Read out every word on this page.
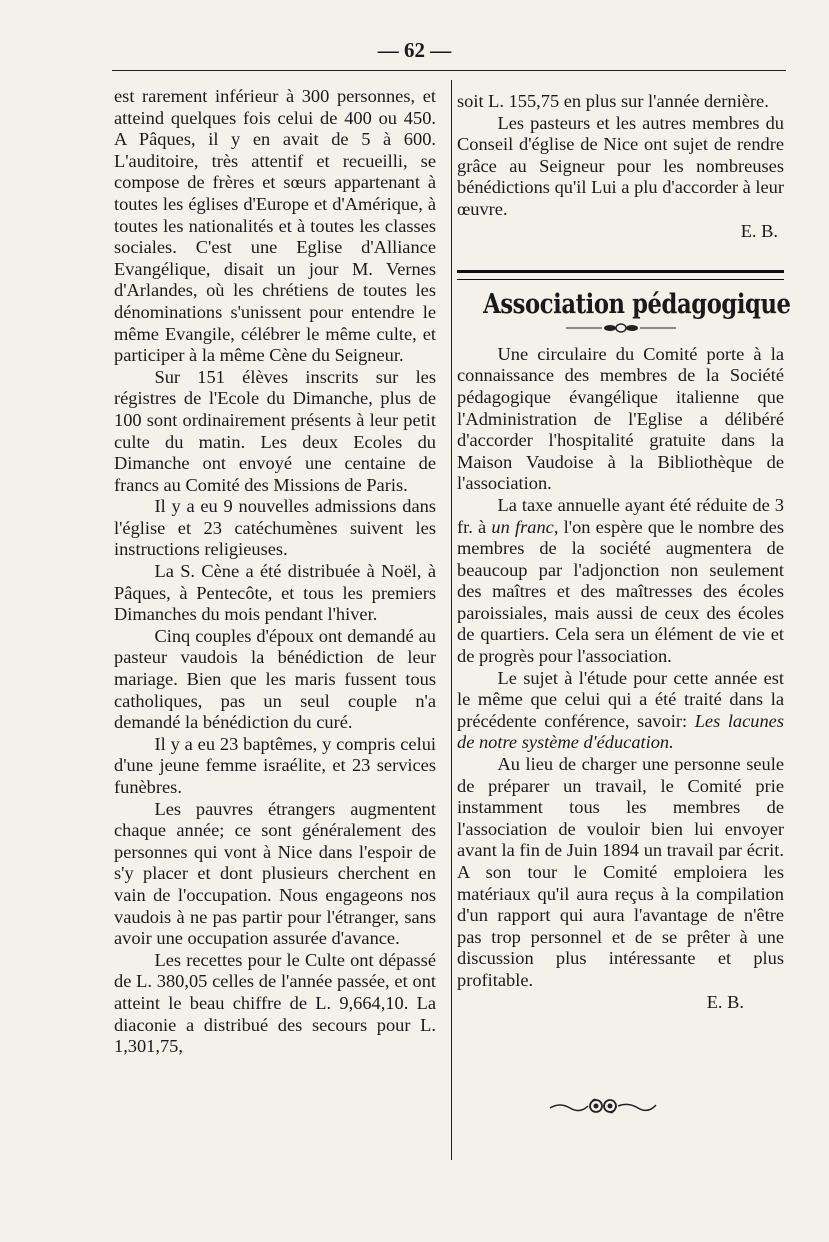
— 62 —

est rarement inférieur à 300 personnes, et atteind quelques fois celui de 400 ou 450. A Pâques, il y en avait de 5 à 600. L'auditoire, très attentif et recueilli, se compose de frères et sœurs appartenant à toutes les églises d'Europe et d'Amérique, à toutes les nationalités et à toutes les classes sociales. C'est une Eglise d'Alliance Evangélique, disait un jour M. Vernes d'Arlandes, où les chrétiens de toutes les dénominations s'unissent pour entendre le même Evangile, célébrer le même culte, et participer à la même Cène du Seigneur.

Sur 151 élèves inscrits sur les régistres de l'Ecole du Dimanche, plus de 100 sont ordinairement présents à leur petit culte du matin. Les deux Ecoles du Dimanche ont envoyé une centaine de francs au Comité des Missions de Paris.

Il y a eu 9 nouvelles admissions dans l'église et 23 catéchumènes suivent les instructions religieuses.

La S. Cène a été distribuée à Noël, à Pâques, à Pentecôte, et tous les premiers Dimanches du mois pendant l'hiver.

Cinq couples d'époux ont demandé au pasteur vaudois la bénédiction de leur mariage. Bien que les maris fussent tous catholiques, pas un seul couple n'a demandé la bénédiction du curé.

Il y a eu 23 baptêmes, y compris celui d'une jeune femme israélite, et 23 services funèbres.

Les pauvres étrangers augmentent chaque année; ce sont généralement des personnes qui vont à Nice dans l'espoir de s'y placer et dont plusieurs cherchent en vain de l'occupation. Nous engageons nos vaudois à ne pas partir pour l'étranger, sans avoir une occupation assurée d'avance.

Les recettes pour le Culte ont dépassé de L. 380,05 celles de l'année passée, et ont atteint le beau chiffre de L. 9,664,10. La diaconie a distribué des secours pour L. 1,301,75,

soit L. 155,75 en plus sur l'année dernière.

Les pasteurs et les autres membres du Conseil d'église de Nice ont sujet de rendre grâce au Seigneur pour les nombreuses bénédictions qu'il Lui a plu d'accorder à leur œuvre.

E. B.

Association pédagogique

Une circulaire du Comité porte à la connaissance des membres de la Société pédagogique évangélique italienne que l'Administration de l'Eglise a délibéré d'accorder l'hospitalité gratuite dans la Maison Vaudoise à la Bibliothèque de l'association.

La taxe annuelle ayant été réduite de 3 fr. à un franc, l'on espère que le nombre des membres de la société augmentera de beaucoup par l'adjonction non seulement des maîtres et des maîtresses des écoles paroissiales, mais aussi de ceux des écoles de quartiers. Cela sera un élément de vie et de progrès pour l'association.

Le sujet à l'étude pour cette année est le même que celui qui a été traité dans la précédente conférence, savoir: Les lacunes de notre système d'éducation.

Au lieu de charger une personne seule de préparer un travail, le Comité prie instamment tous les membres de l'association de vouloir bien lui envoyer avant la fin de Juin 1894 un travail par écrit. A son tour le Comité emploiera les matériaux qu'il aura reçus à la compilation d'un rapport qui aura l'avantage de n'être pas trop personnel et de se prêter à une discussion plus intéressante et plus profitable.

E. B.
